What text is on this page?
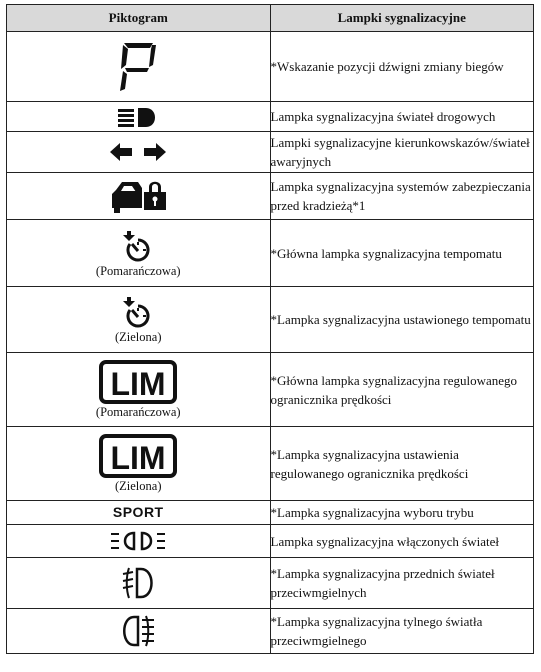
Piktogram	Lampki sygnalizacyjne

	*Wskazanie pozycji dźwigni zmiany biegów

	Lampka sygnalizacyjna świateł drogowych

	Lampki sygnalizacyjne kierunkowskazów/świateł awaryjnych

	Lampka sygnalizacyjna systemów zabezpieczania przed kradzieżą*1

(Pomarańczowa)	*Główna lampka sygnalizacyjna tempomatu

(Zielona)	*Lampka sygnalizacyjna ustawionego tempomatu

LIM
(Pomarańczowa)	*Główna lampka sygnalizacyjna regulowanego ogranicznika prędkości

LIM
(Zielona)	*Lampka sygnalizacyjna ustawienia regulowanego ogranicznika prędkości
SPORT	*Lampka sygnalizacyjna wyboru trybu

	Lampka sygnalizacyjna włączonych świateł

	*Lampka sygnalizacyjna przednich świateł przeciwmgielnych

	*Lampka sygnalizacyjna tylnego światła przeciwmgielnego
